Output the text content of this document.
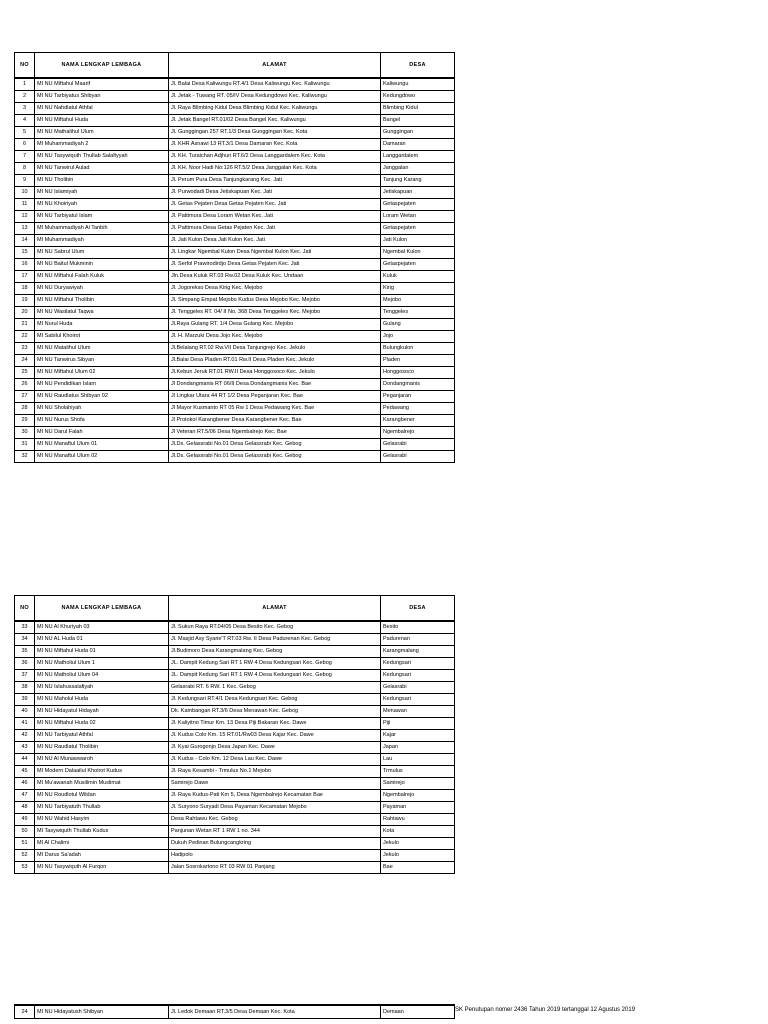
NO	NAMA LENGKAP LEMBAGA	ALAMAT	DESA
1	MI NU Miftahul Maarif	Jl. Balai Desa Kaliwungu RT.4/1 Desa Kaliwungu Kec. Kaliwungu	Kaliwungu
2	MI NU Tarbiyatus Shibyan	Jl. Jetak - Tuwang RT. 05/IV Desa Kedungdowo Kec. Kaliwungu	Kedungdowo
3	MI NU Nahdlatul Athfal	Jl. Raya Blimbing Kidul Desa Blimbing Kidul Kec. Kaliwungu	Blimbing Kidul
4	MI NU Miftahul Huda	Jl. Jetak Bangel RT.01/02 Desa Bangel Kec. Kaliwungu	Bangel
5	MI NU Mathalihul Ulum	Jl. Gunggingan 257 RT.1/3 Desa Gunggingan Kec. Kota	Gunggingan
6	MI Muhammadiyah 2	Jl. KHR Asnawi 13 RT.3/1 Desa Damaran Kec. Kota	Damaran
7	MI NU Tasywiquth Thullab Salafiyyah	Jl. KH. Turaichan Adjhuri RT.6/2 Desa Langgardalem Kec. Kota	Langgardalem
8	MI NU Tanwirul Aulad	Jl. KH. Noor Hadi No:126 RT.5/2 Desa Janggalan Kec. Kota	Janggalan
9	MI NU Tholibin	Jl. Perum Pura Desa Tanjungkarang Kec. Jati	Tanjung Karang
10	MI NU Islamiyah	Jl. Purwodadi Desa Jetiskapuan Kec. Jati	Jetiskapuan
11	MI NU Khoiriyah	Jl. Getas Pejaten Desa Getas Pejaten Kec. Jati	Getaspejaten
12	MI NU Tarbiyatul Islam	Jl. Pattimura Desa Loram Wetan Kec. Jati	Loram Wetan
13	MI Muhammadiyah Al Tanbih	Jl. Pattimura Desa Getas Pejaten Kec. Jati	Getaspejaten
14	MI Muhammadiyah	Jl. Jati Kulon Desa Jati Kulon Kec. Jati	Jati Kulon
15	MI NU Sabrul Ulum	Jl. Lingkar Ngembal Kulon Desa Ngembal Kulon Kec. Jati	Ngembal Kulon
16	MI NU Baitul Mukminin	Jl. Serfol Prawirodirdjo Desa Getas Pejaten Kec. Jati	Getaspejaten
17	MI NU Miftahul Falah Kuluk	Jln.Desa Kuluk RT.03 Rw.02 Desa Kuluk Kec. Undaan	Kuluk
18	MI NU Duryawiyah	Jl. Jogorekso Desa Kirig Kec. Mejobo	Kirig
19	MI NU Miftahul Tholibin	Jl. Simpang Empat Mejobo Kudus Desa Mejobo Kec. Mejobo	Mejobo
20	MI NU Wasilatul Taqwa	Jl. Tenggeles RT. 04/ II No. 368 Desa Tenggeles Kec. Mejobo	Tenggeles
21	MI Nurul Huda	Jl.Raya Gulang RT. 1/4 Desa Gulang Kec. Mejobo	Gulang
22	MI Sabilul Khoirot	Jl. H. Marzuki Desa Jojo Kec. Mejobo	Jojo
23	MI NU Matalihul Ulum	Jl.Belalang RT.02 Rw.VII Desa Tanjungrejo Kec. Jekulo	Bulungkulon
24	MI NU Tanwirus Sibyan	Jl.Balai Desa Pladen RT.01 Rw.II Desa Pladen Kec. Jekulo	Pladen
25	MI NU Miftahul Ulum 02	Jl.Kebun Jeruk RT.01 RW.II Desa Honggosoco Kec. Jekulo	Honggosoco
26	MI NU Pendidikan Islam	Jl Dondangmanis RT 06/II Desa Dondangmanis Kec. Bae	Dondangmanis
27	MI NU Raudlatus Shibyan 02	Jl Lingkar Utara 44 RT 1/2 Desa Peganjaran Kec. Bae	Peganjaran
28	MI NU Sholahiyah	Jl Mayor Kusmanto RT 05 Rw 1 Desa Pedawang Kec. Bae	Pedawang
29	MI NU Nurus Shofa	Jl Protokol Karangbener Desa Karangbener Kec. Bae	Karangbener
30	MI NU Darul Falah	Jl Veteran RT.5/06 Desa Ngembalrejo Kec. Bae	Ngembalrejo
31	MI NU Manaftul Ulum 01	Jl.Ds. Gelassrabi No.01 Desa Gelassrabi Kec. Gebog	Gelasrabi
32	MI NU Manaftul Ulum 02	Jl.Ds. Gelassrabi No.01 Desa Gelassrabi Kec. Gebog	Gelasrabi
NO	NAMA LENGKAP LEMBAGA	ALAMAT	DESA
33	MI NU Al Khuriyah 03	Jl. Sukun Raya RT.04/05 Desa Besito Kec. Gebog	Besito
34	MI NU AL Huda 01	Jl. Masjid Asy Syarie'T RT.03 Rw. II Desa Padurenan Kec. Gebog	Padurenan
35	MI NU Miftahul Huda 01	Jl.Budimoro Desa Karangmalang Kec. Gebog	Karangmalang
36	MI NU Matholiul Ulum 1	JL. Dampit Kedung Sari RT 1 RW 4 Desa Kedungsari Kec. Gebog	Kedungsari
37	MI NU Matholiul Ulum 04	JL. Dampit Kedung Sari RT 1 RW 4 Desa Kedungsari Kec. Gebog	Kedungsari
38	MI NU Islahussalafiyah	Gelasrabi RT. 6 RW. 1 Kec. Gebog	Gelasrabi
39	MI NU Maholul Huda	Jl. Kedungsari RT.4/1 Desa Kedungsari Kec. Gebog	Kedungsari
40	MI NU Hidayatul Hidayah	Dk. Kambangan RT.3/6 Desa Menawan Kec. Gebog	Menawan
41	MI NU Miftahul Huda 02	Jl. Kaliyitno Timur Km. 13 Desa Piji Bakaran Kec. Dawe	Piji
42	MI NU Tarbiyatul Athfal	Jl. Kudus Colo Km. 15 RT.01/Rw03 Desa Kajar Kec. Dawe	Kajar
43	MI NU Raudlatul Tholibin	Jl. Kyai Gurogonjo Desa Japan Kec. Dawe	Japan
44	MI NU Al Munawwaroh	Jl. Kudus - Colo Km. 12 Desa Lau Kec. Dawe	Lau
45	MI Modern Dalaailul Khoirot Kudus	Jl. Raya Kesambi - Trmulus No.1 Mejobo	Trmulus
46	MI Mu'awanah Musilimin Muslimat	Samirejo Dawe	Samirejo
47	MI NU Roudlotul Wildan	Jl. Raya Kudus-Pati Km 5, Desa Ngembalrejo Kecamatan Bae	Ngembalrejo
48	MI NU Tarbiyatuth Thullab	Jl. Suryono Suryadi Desa Payaman Kecamatan Mejobo	Payaman
49	MI NU Wahid Hasyim	Desa Rahtawu Kec. Gebog	Rahtawu
50	MI Tasywiquth Thullab Kudus	Panjunan Wetan RT 1 RW 1 no. 344	Kota
51	MI Al Chalimi	Dukuh Pedinan Bulungcangkring	Jekulo
52	MI Darus Sa'adah	Hadipolo	Jekulo
53	MI NU Tasywiquth Al Furqon	Jalan Sosrokartono RT 03 RW 01 Panjang	Bae
24	MI NU Hidayatush Shibyan	Jl. Ledok Demaan RT.3/5 Desa Demaan Kec. Kota	Demaan	SK Penutupan nomer 2436 Tahun 2019 tertanggal 12 Agustus 2019
